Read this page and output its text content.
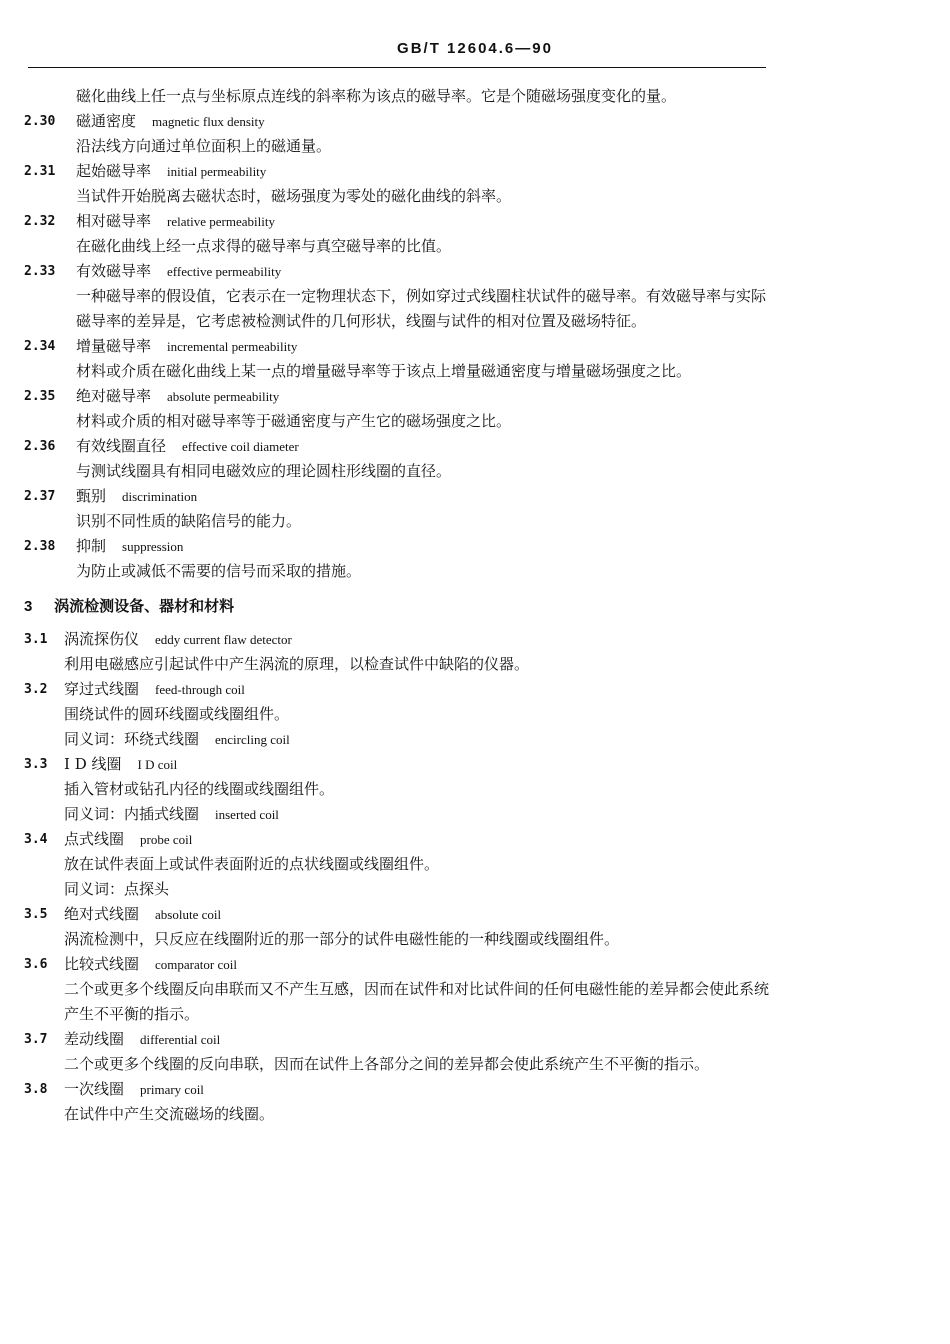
GB/T 12604.6—90
磁化曲线上任一点与坐标原点连线的斜率称为该点的磁导率。它是个随磁场强度变化的量。
2.30	磁通密度 magnetic flux density
沿法线方向通过单位面积上的磁通量。
2.31	起始磁导率 initial permeability
当试件开始脱离去磁状态时，磁场强度为零处的磁化曲线的斜率。
2.32	相对磁导率 relative permeability
在磁化曲线上经一点求得的磁导率与真空磁导率的比值。
2.33	有效磁导率 effective permeability
一种磁导率的假设值，它表示在一定物理状态下，例如穿过式线圈柱状试件的磁导率。有效磁导率与实际磁导率的差异是，它考虑被检测试件的几何形状，线圈与试件的相对位置及磁场特征。
2.34	增量磁导率 incremental permeability
材料或介质在磁化曲线上某一点的增量磁导率等于该点上增量磁通密度与增量磁场强度之比。
2.35	绝对磁导率 absolute permeability
材料或介质的相对磁导率等于磁通密度与产生它的磁场强度之比。
2.36	有效线圈直径 effective coil diameter
与测试线圈具有相同电磁效应的理论圆柱形线圈的直径。
2.37	甄别 discrimination
识别不同性质的缺陷信号的能力。
2.38	抑制 suppression
为防止或减低不需要的信号而采取的措施。
3 涡流检测设备、器材和材料
3.1	涡流探伤仪 eddy current flaw detector
利用电磁感应引起试件中产生涡流的原理，以检查试件中缺陷的仪器。
3.2	穿过式线圈 feed-through coil
围绕试件的圆环线圈或线圈组件。
同义词：环绕式线圈 encircling coil
3.3	I D 线圈 I D coil
插入管材或钻孔内径的线圈或线圈组件。
同义词：内插式线圈 inserted coil
3.4	点式线圈 probe coil
放在试件表面上或试件表面附近的点状线圈或线圈组件。
同义词：点探头
3.5	绝对式线圈 absolute coil
涡流检测中，只反应在线圈附近的那一部分的试件电磁性能的一种线圈或线圈组件。
3.6	比较式线圈 comparator coil
二个或更多个线圈反向串联而又不产生互感，因而在试件和对比试件间的任何电磁性能的差异都会使此系统产生不平衡的指示。
3.7	差动线圈 differential coil
二个或更多个线圈的反向串联，因而在试件上各部分之间的差异都会使此系统产生不平衡的指示。
3.8	一次线圈 primary coil
在试件中产生交流磁场的线圈。
